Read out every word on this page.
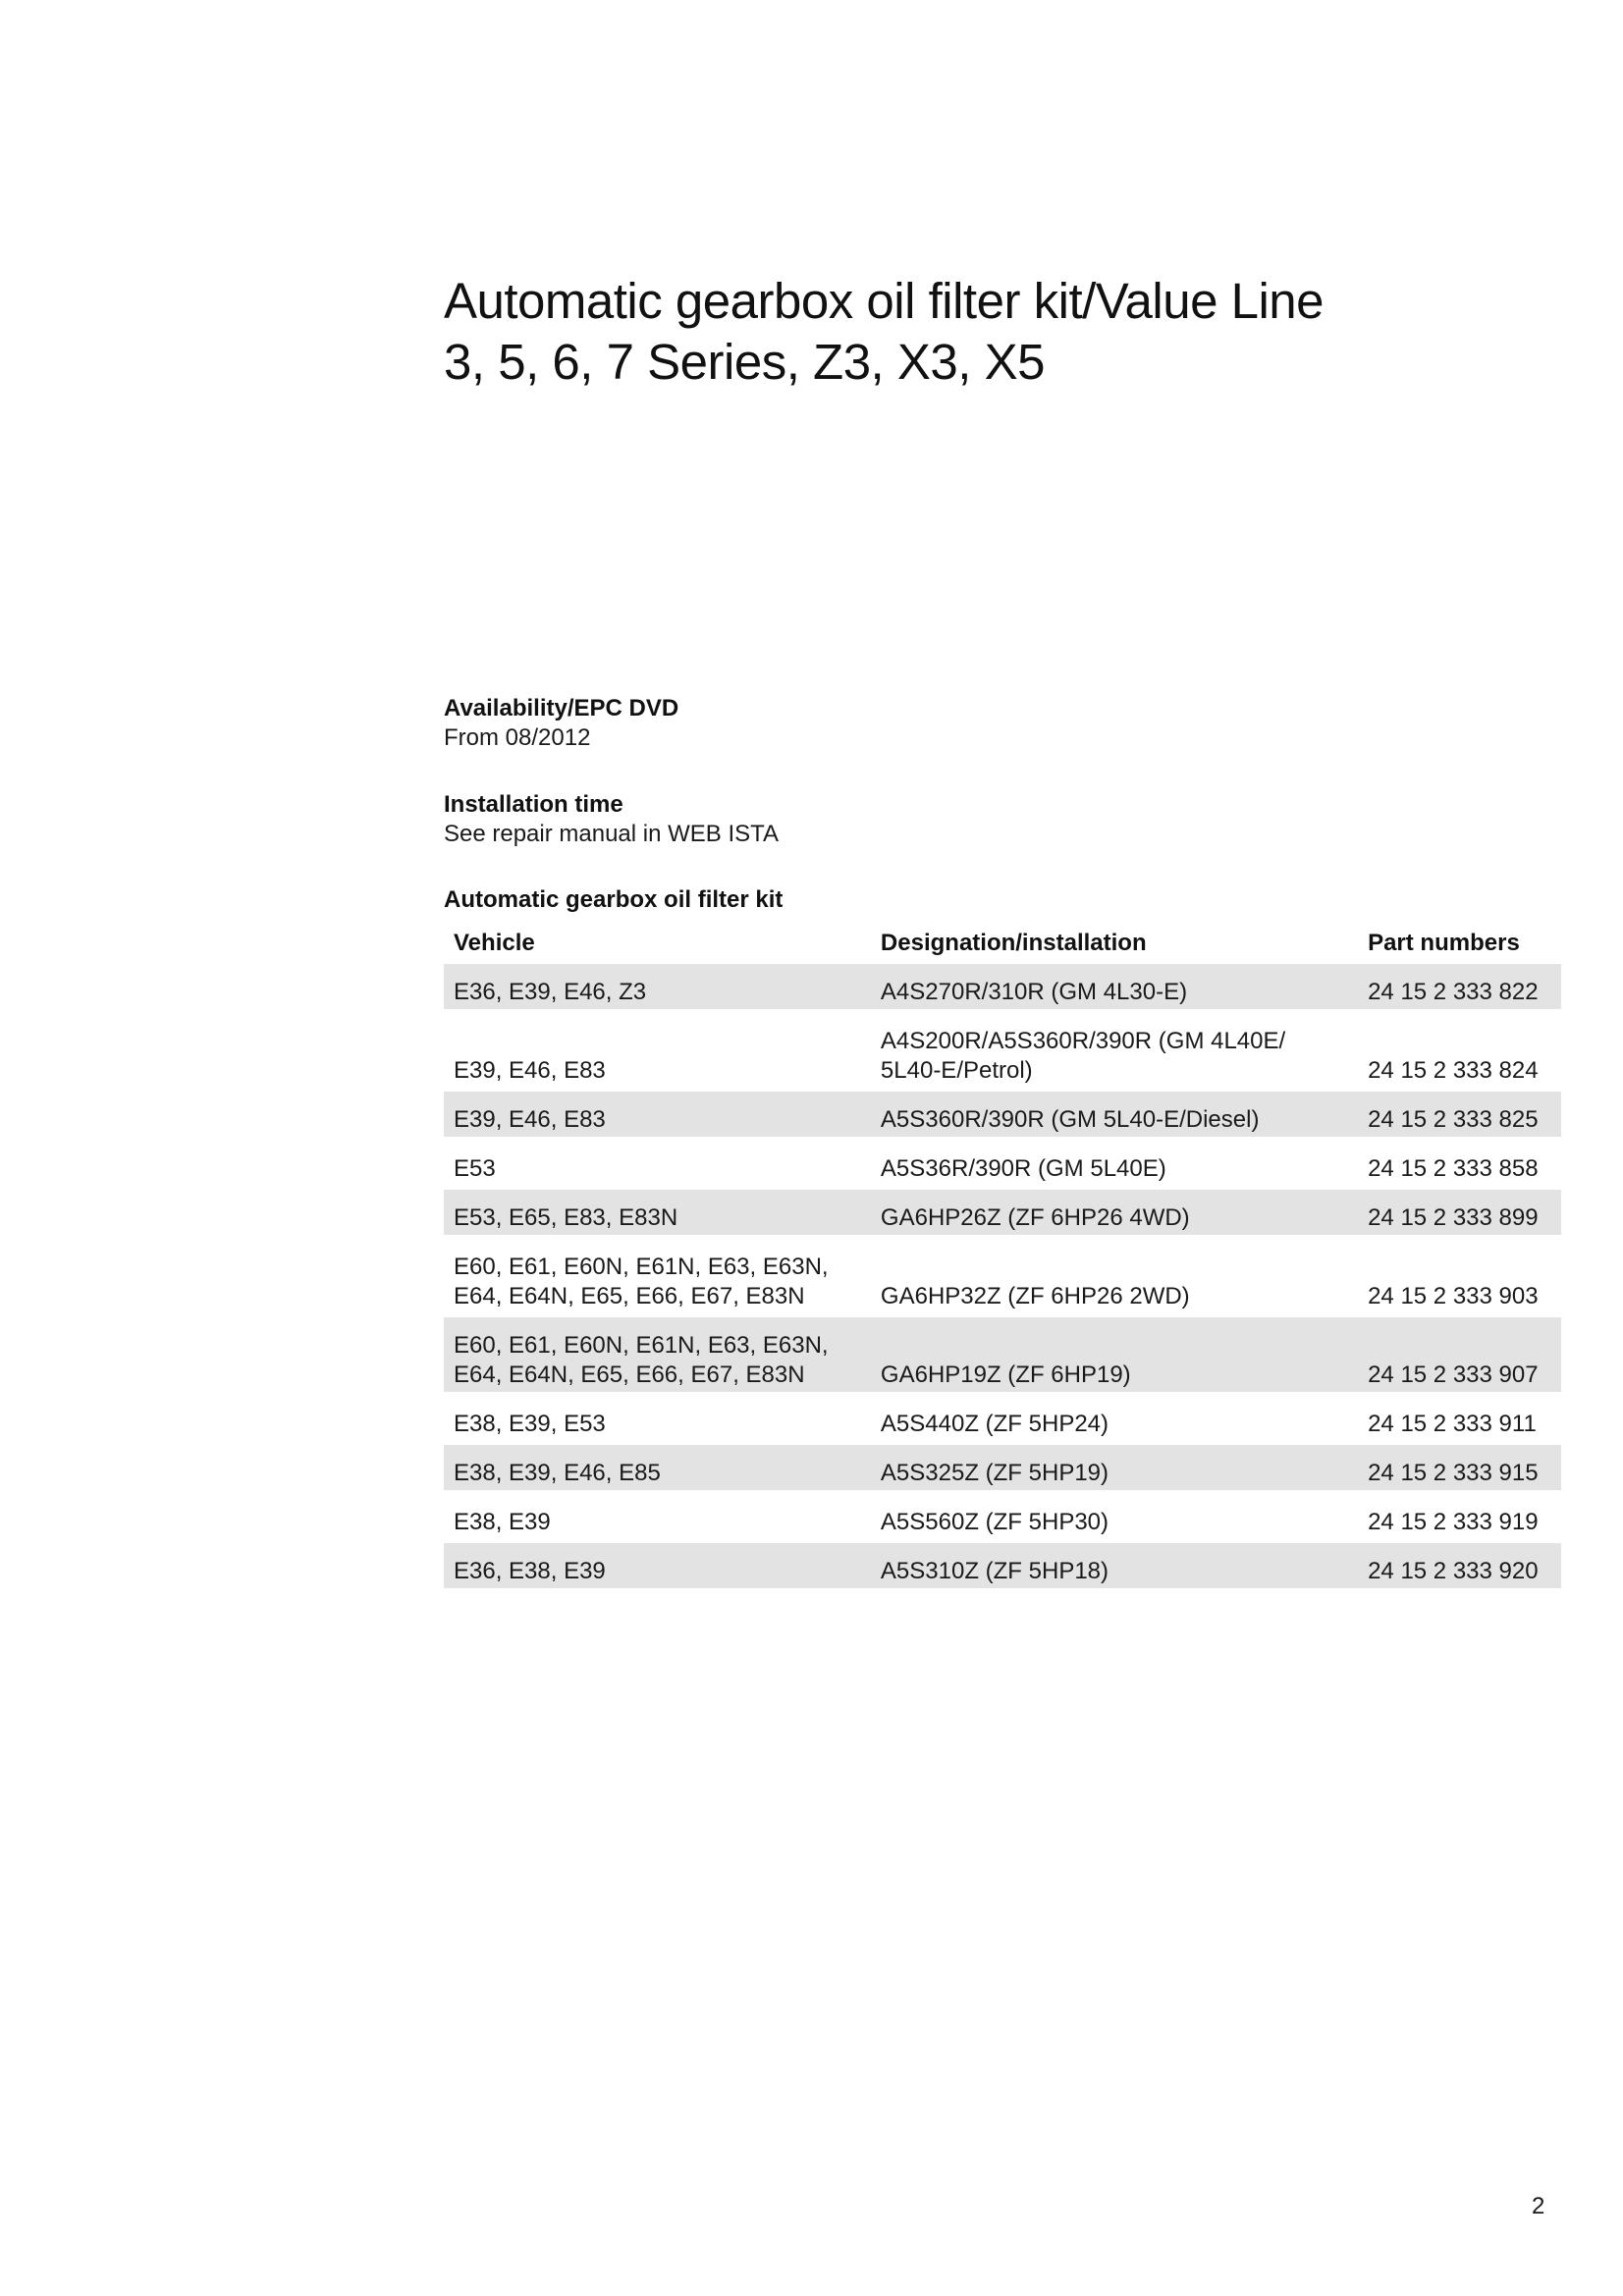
Automatic gearbox oil filter kit/Value Line
3, 5, 6, 7 Series, Z3, X3, X5
Availability/EPC DVD
From 08/2012
Installation time
See repair manual in WEB ISTA
Automatic gearbox oil filter kit
Vehicle	Designation/installation	Part numbers
E36, E39, E46, Z3	A4S270R/310R (GM 4L30-E)	24 15 2 333 822
E39, E46, E83	A4S200R/A5S360R/390R (GM 4L40E/
5L40-E/Petrol)	24 15 2 333 824
E39, E46, E83	A5S360R/390R (GM 5L40-E/Diesel)	24 15 2 333 825
E53	A5S36R/390R (GM 5L40E)	24 15 2 333 858
E53, E65, E83, E83N	GA6HP26Z (ZF 6HP26 4WD)	24 15 2 333 899
E60, E61, E60N, E61N, E63, E63N,
E64, E64N, E65, E66, E67, E83N	GA6HP32Z (ZF 6HP26 2WD)	24 15 2 333 903
E60, E61, E60N, E61N, E63, E63N,
E64, E64N, E65, E66, E67, E83N	GA6HP19Z (ZF 6HP19)	24 15 2 333 907
E38, E39, E53	A5S440Z (ZF 5HP24)	24 15 2 333 911
E38, E39, E46, E85	A5S325Z (ZF 5HP19)	24 15 2 333 915
E38, E39	A5S560Z (ZF 5HP30)	24 15 2 333 919
E36, E38, E39	A5S310Z (ZF 5HP18)	24 15 2 333 920
2
